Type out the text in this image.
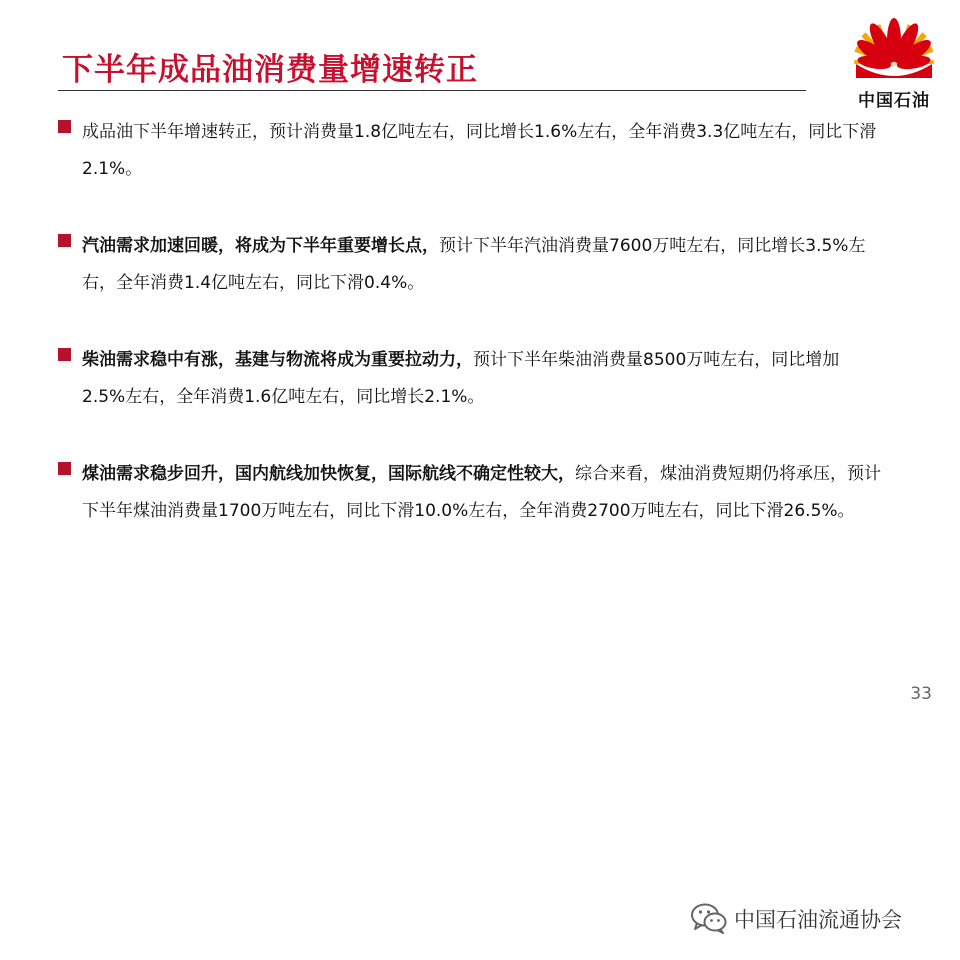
下半年成品油消费量增速转正
中国石油
成品油下半年增速转正，预计消费量1.8亿吨左右，同比增长1.6%左右，全年消费3.3亿吨左右，同比下滑2.1%。
汽油需求加速回暖，将成为下半年重要增长点，预计下半年汽油消费量7600万吨左右，同比增长3.5%左右，全年消费1.4亿吨左右，同比下滑0.4%。
柴油需求稳中有涨，基建与物流将成为重要拉动力，预计下半年柴油消费量8500万吨左右，同比增加2.5%左右，全年消费1.6亿吨左右，同比增长2.1%。
煤油需求稳步回升，国内航线加快恢复，国际航线不确定性较大，综合来看，煤油消费短期仍将承压，预计下半年煤油消费量1700万吨左右，同比下滑10.0%左右，全年消费2700万吨左右，同比下滑26.5%。
33
中国石油流通协会
